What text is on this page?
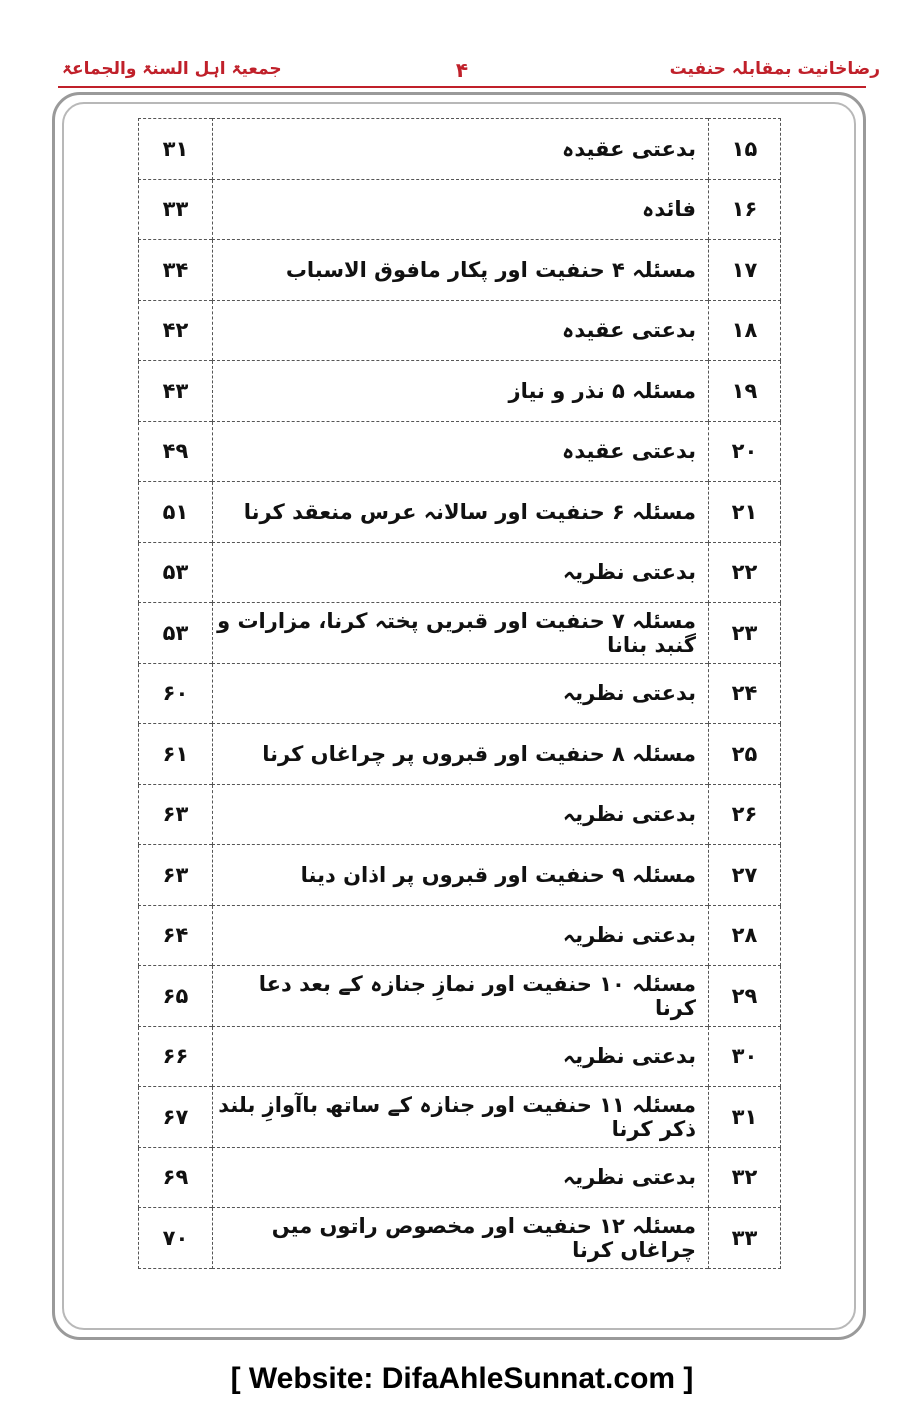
رضاخانیت بمقابلہ حنفیت
۴
جمعیۃ اہل السنۃ والجماعۃ
۱۵	بدعتی عقیدہ	۳۱
۱۶	فائدہ	۳۳
۱۷	مسئلہ ۴ حنفیت اور پکار مافوق الاسباب	۳۴
۱۸	بدعتی عقیدہ	۴۲
۱۹	مسئلہ ۵ نذر و نیاز	۴۳
۲۰	بدعتی عقیدہ	۴۹
۲۱	مسئلہ ۶ حنفیت اور سالانہ عرس منعقد کرنا	۵۱
۲۲	بدعتی نظریہ	۵۳
۲۳	مسئلہ ۷ حنفیت اور قبریں پختہ کرنا، مزارات و گنبد بنانا	۵۳
۲۴	بدعتی نظریہ	۶۰
۲۵	مسئلہ ۸ حنفیت اور قبروں پر چراغاں کرنا	۶۱
۲۶	بدعتی نظریہ	۶۳
۲۷	مسئلہ ۹ حنفیت اور قبروں پر اذان دینا	۶۳
۲۸	بدعتی نظریہ	۶۴
۲۹	مسئلہ ۱۰ حنفیت اور نمازِ جنازہ کے بعد دعا کرنا	۶۵
۳۰	بدعتی نظریہ	۶۶
۳۱	مسئلہ ۱۱ حنفیت اور جنازہ کے ساتھ باآوازِ بلند ذکر کرنا	۶۷
۳۲	بدعتی نظریہ	۶۹
۳۳	مسئلہ ۱۲ حنفیت اور مخصوص راتوں میں چراغاں کرنا	۷۰
[ Website: DifaAhleSunnat.com ]
